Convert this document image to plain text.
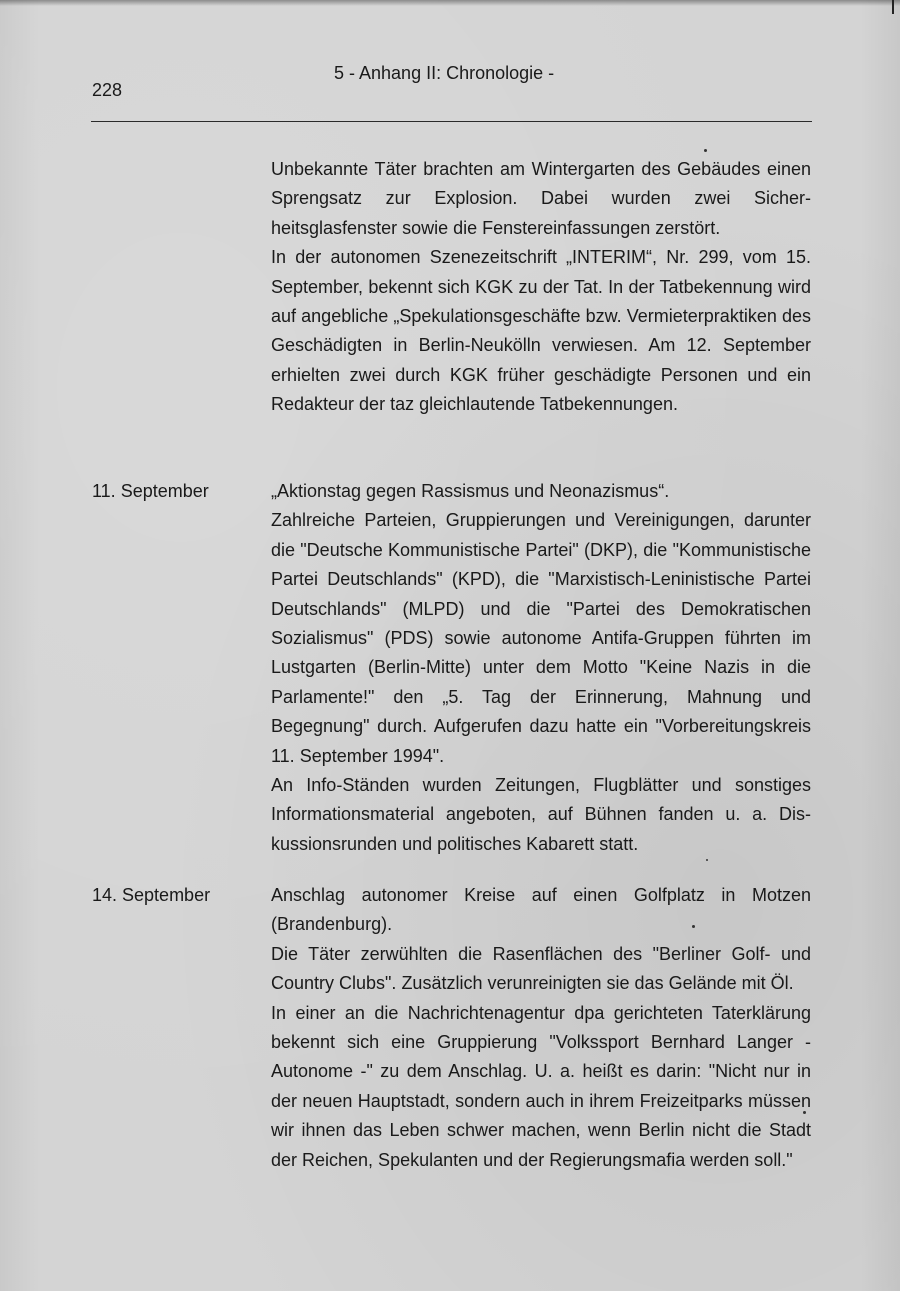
228
5 - Anhang II: Chronologie -

Unbekannte Täter brachten am Wintergarten des Gebäudes einen Sprengsatz zur Explosion. Dabei wurden zwei Sicherheitsglasfenster sowie die Fenstereinfassungen zerstört.

In der autonomen Szenezeitschrift „INTERIM“, Nr. 299, vom 15. September, bekennt sich KGK zu der Tat. In der Tatbekennung wird auf angebliche „Spekulationsgeschäfte bzw. Vermieterpraktiken des Geschädigten in Berlin-Neukölln verwiesen. Am 12. September erhielten zwei durch KGK früher geschädigte Personen und ein Redakteur der taz gleichlautende Tatbekennungen.

11. September	„Aktionstag gegen Rassismus und Neonazismus“.

Zahlreiche Parteien, Gruppierungen und Vereinigungen, darunter die "Deutsche Kommunistische Partei" (DKP), die "Kommunistische Partei Deutschlands" (KPD), die "Marxistisch-Leninistische Partei Deutschlands" (MLPD) und die "Partei des Demokratischen Sozialismus" (PDS) sowie autonome Antifa-Gruppen führten im Lustgarten (Berlin-Mitte) unter dem Motto "Keine Nazis in die Parlamente!" den „5. Tag der Erinnerung, Mahnung und Begegnung" durch. Aufgerufen dazu hatte ein "Vorbereitungskreis 11. September 1994".

An Info-Ständen wurden Zeitungen, Flugblätter und sonstiges Informationsmaterial angeboten, auf Bühnen fanden u. a. Diskussionsrunden und politisches Kabarett statt.

14. September	Anschlag autonomer Kreise auf einen Golfplatz in Motzen (Brandenburg).

Die Täter zerwühlten die Rasenflächen des "Berliner Golf- und Country Clubs". Zusätzlich verunreinigten sie das Gelände mit Öl.

In einer an die Nachrichtenagentur dpa gerichteten Taterklärung bekennt sich eine Gruppierung "Volkssport Bernhard Langer - Autonome -" zu dem Anschlag. U. a. heißt es darin: "Nicht nur in der neuen Hauptstadt, sondern auch in ihrem Freizeitparks müssen wir ihnen das Leben schwer machen, wenn Berlin nicht die Stadt der Reichen, Spekulanten und der Regierungsmafia werden soll."
